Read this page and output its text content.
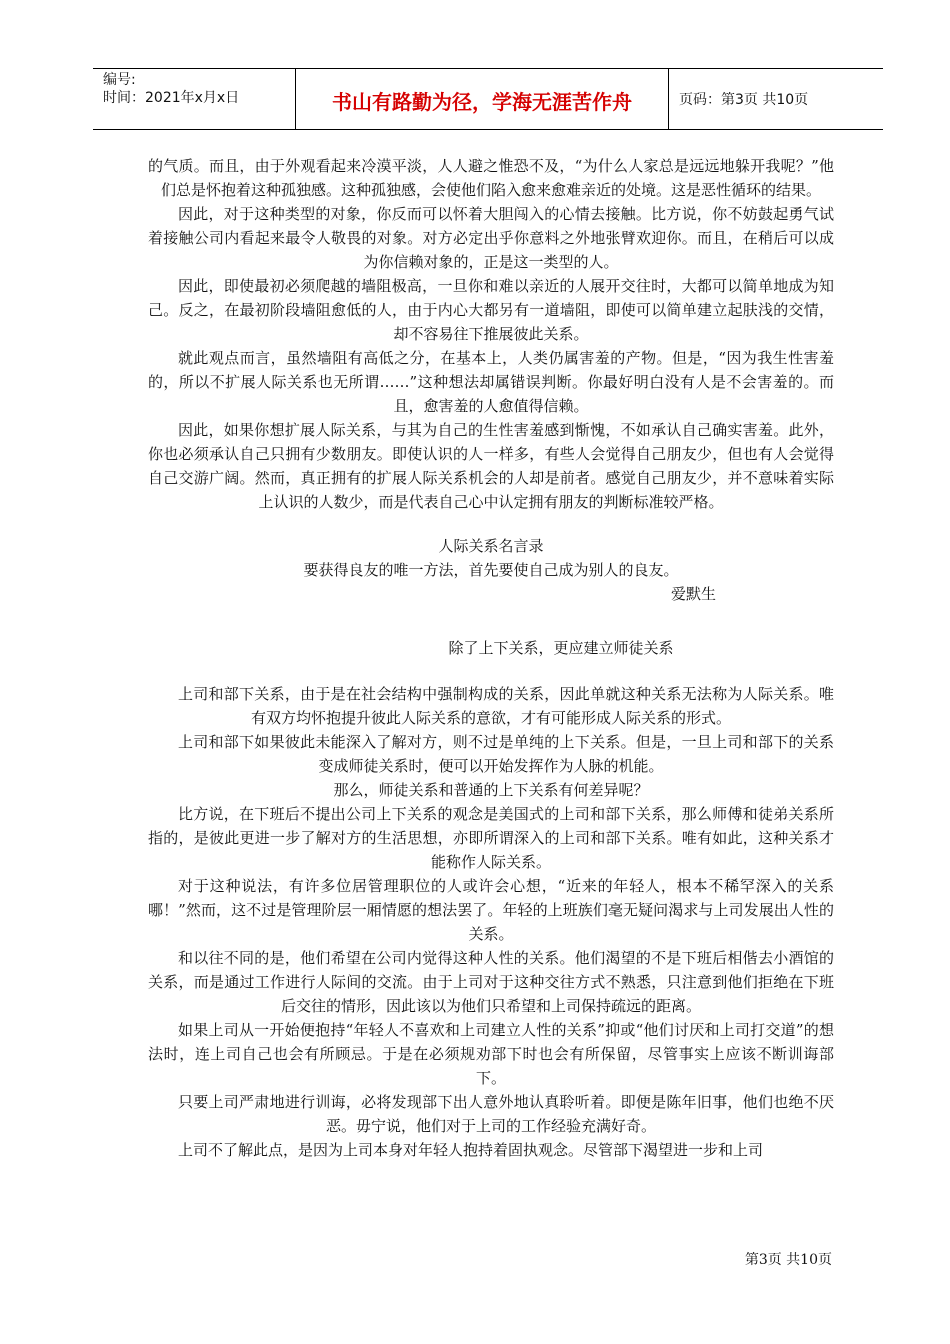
编号:
时间：2021年x月x日	书山有路勤为径，学海无涯苦作舟	页码：第3页 共10页

的气质。而且，由于外观看起来冷漠平淡，人人避之惟恐不及，“为什么人家总是远远地躲开我呢？”他们总是怀抱着这种孤独感。这种孤独感，会使他们陷入愈来愈难亲近的处境。这是恶性循环的结果。

因此，对于这种类型的对象，你反而可以怀着大胆闯入的心情去接触。比方说，你不妨鼓起勇气试着接触公司内看起来最令人敬畏的对象。对方必定出乎你意料之外地张臂欢迎你。而且，在稍后可以成为你信赖对象的，正是这一类型的人。

因此，即使最初必须爬越的墙阻极高，一旦你和难以亲近的人展开交往时，大都可以简单地成为知己。反之，在最初阶段墙阻愈低的人，由于内心大都另有一道墙阻，即使可以简单建立起肤浅的交情，却不容易往下推展彼此关系。

就此观点而言，虽然墙阻有高低之分，在基本上，人类仍属害羞的产物。但是，“因为我生性害羞的，所以不扩展人际关系也无所谓……”这种想法却属错误判断。你最好明白没有人是不会害羞的。而且，愈害羞的人愈值得信赖。

因此，如果你想扩展人际关系，与其为自己的生性害羞感到惭愧，不如承认自己确实害羞。此外，你也必须承认自己只拥有少数朋友。即使认识的人一样多，有些人会觉得自己朋友少，但也有人会觉得自己交游广阔。然而，真正拥有的扩展人际关系机会的人却是前者。感觉自己朋友少，并不意味着实际上认识的人数少，而是代表自己心中认定拥有朋友的判断标准较严格。

人际关系名言录

要获得良友的唯一方法，首先要使自己成为别人的良友。

爱默生

除了上下关系，更应建立师徒关系

上司和部下关系，由于是在社会结构中强制构成的关系，因此单就这种关系无法称为人际关系。唯有双方均怀抱提升彼此人际关系的意欲，才有可能形成人际关系的形式。

上司和部下如果彼此未能深入了解对方，则不过是单纯的上下关系。但是，一旦上司和部下的关系变成师徒关系时，便可以开始发挥作为人脉的机能。

那么，师徒关系和普通的上下关系有何差异呢？

比方说，在下班后不提出公司上下关系的观念是美国式的上司和部下关系，那么师傅和徒弟关系所指的，是彼此更进一步了解对方的生活思想，亦即所谓深入的上司和部下关系。唯有如此，这种关系才能称作人际关系。

对于这种说法，有许多位居管理职位的人或许会心想，“近来的年轻人，根本不稀罕深入的关系哪！”然而，这不过是管理阶层一厢情愿的想法罢了。年轻的上班族们毫无疑问渴求与上司发展出人性的关系。

和以往不同的是，他们希望在公司内觉得这种人性的关系。他们渴望的不是下班后相偕去小酒馆的关系，而是通过工作进行人际间的交流。由于上司对于这种交往方式不熟悉，只注意到他们拒绝在下班后交往的情形，因此该以为他们只希望和上司保持疏远的距离。

如果上司从一开始便抱持“年轻人不喜欢和上司建立人性的关系”抑或“他们讨厌和上司打交道”的想法时，连上司自己也会有所顾忌。于是在必须规劝部下时也会有所保留，尽管事实上应该不断训诲部下。

只要上司严肃地进行训诲，必将发现部下出人意外地认真聆听着。即便是陈年旧事，他们也绝不厌恶。毋宁说，他们对于上司的工作经验充满好奇。

上司不了解此点，是因为上司本身对年轻人抱持着固执观念。尽管部下渴望进一步和上司

第3页 共10页
